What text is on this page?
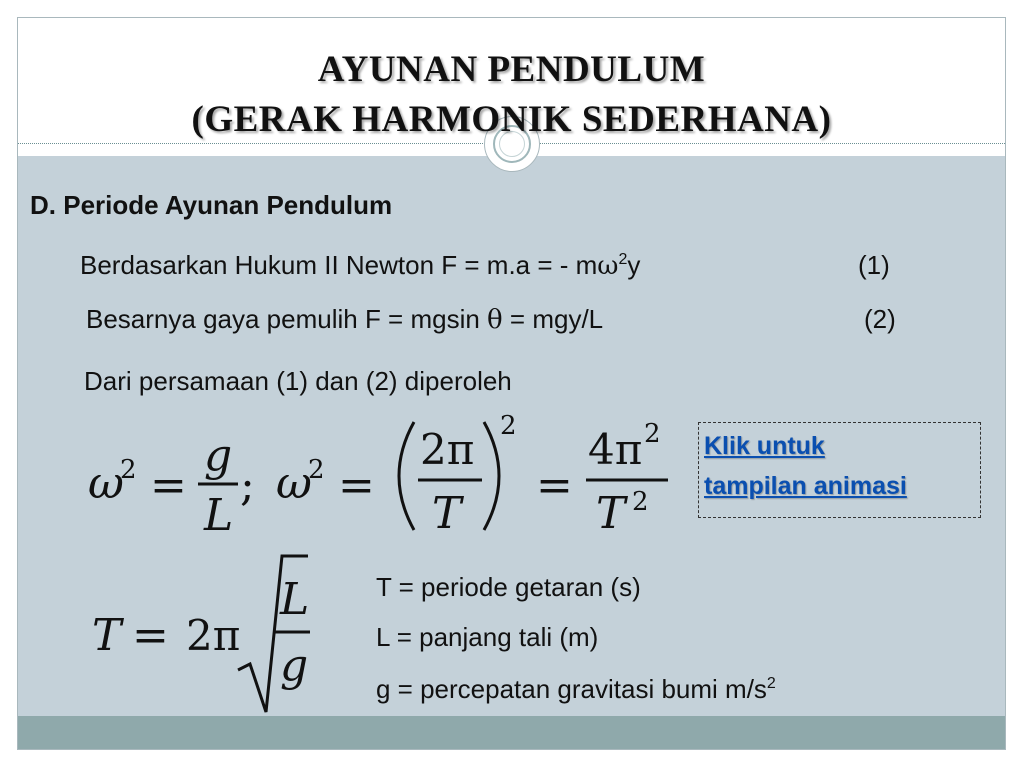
AYUNAN PENDULUM
(GERAK HARMONIK SEDERHANA)
D. Periode Ayunan Pendulum
Berdasarkan Hukum II Newton F = m.a = - $m\omega^2y$	(1)
Besarnya gaya pemulih F = mgsin θ = mgy/L	(2)
Dari persamaan (1) dan (2) diperoleh
ω
2 =
g
L
; ω
2 =
2π
T
2
=
4π 2
T 2
Klik untuk
tampilan animasi
T = 2π
L
g
T = periode getaran (s)
L = panjang tali (m)
g = percepatan gravitasi bumi $m/s^2$
